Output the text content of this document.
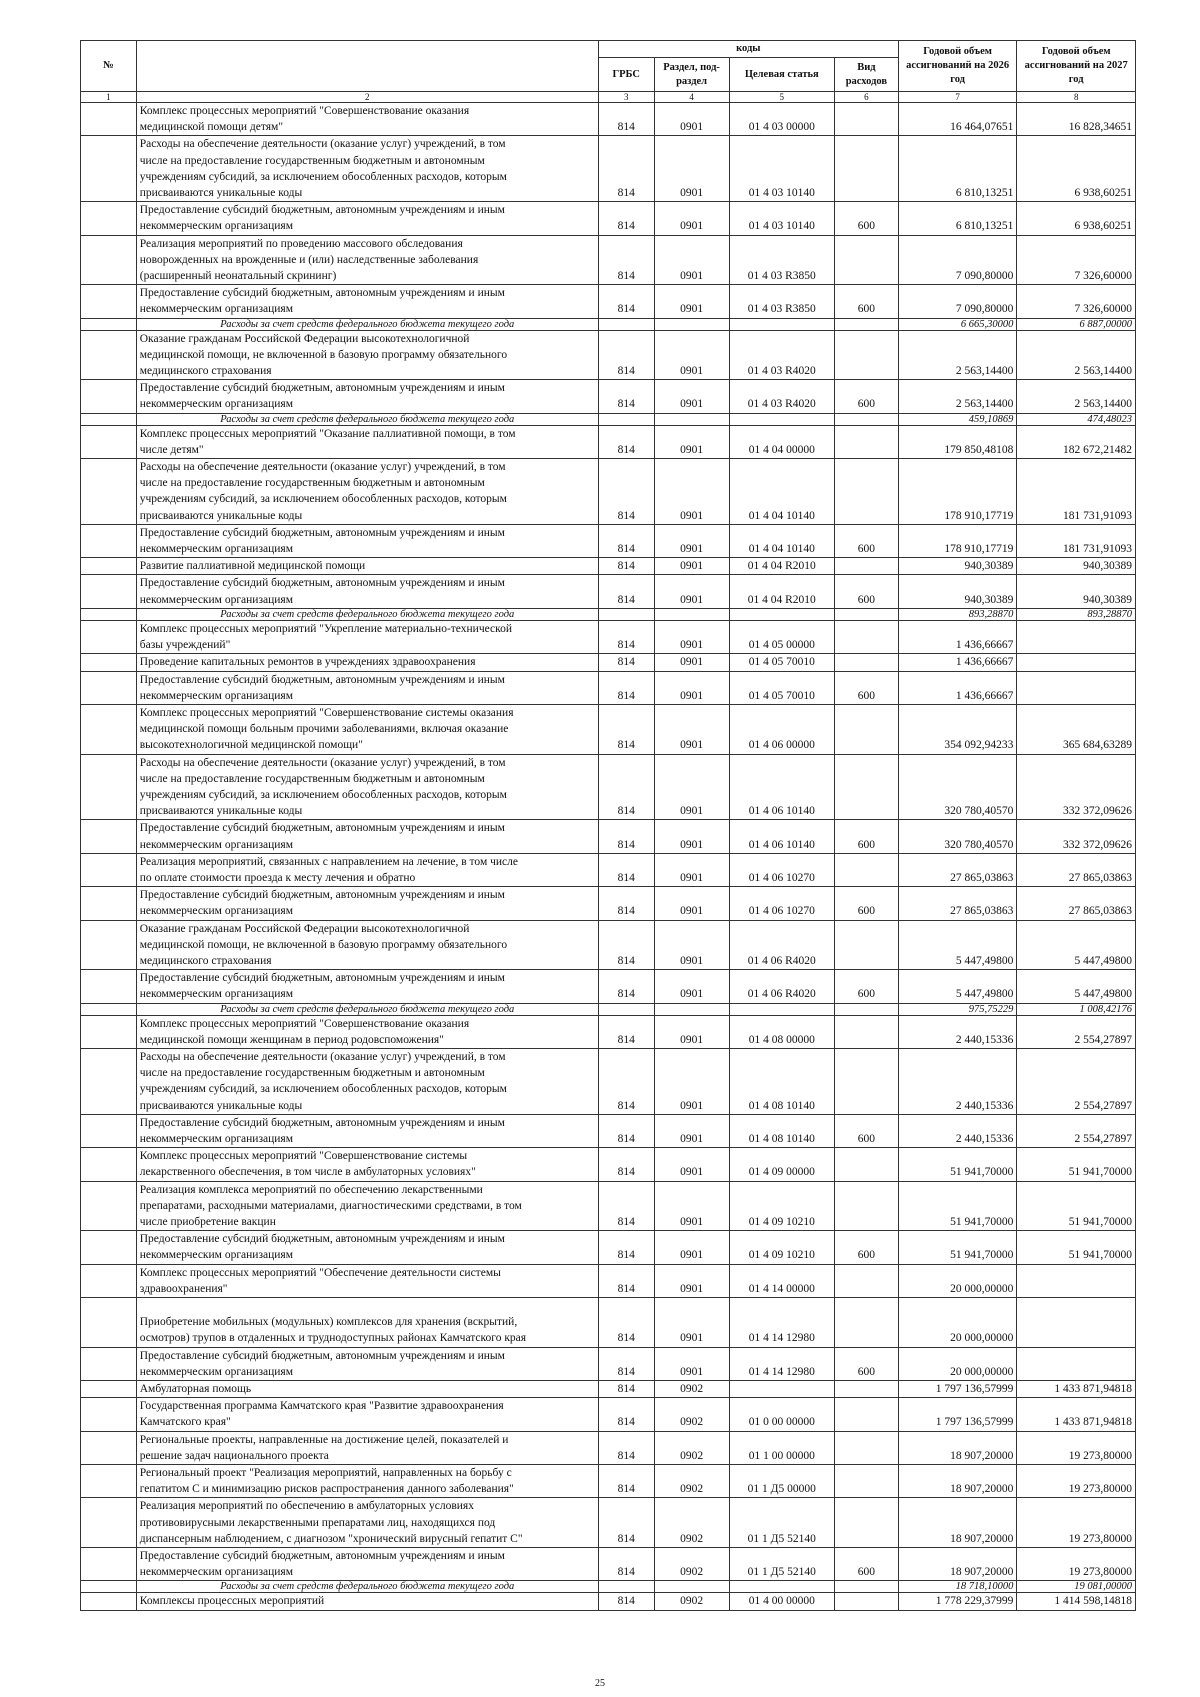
№		коды				Годовой объем ассигнований на 2026 год	Годовой объем ассигнований на 2027 год
		ГРБС	Раздел, под-раздел	Целевая статья	Вид расходов		
1	2	3	4	5	6	7	8
	Комплекс процессных мероприятий "Совершенствование оказания
медицинской помощи детям"	814	0901	01 4 03 00000		16 464,07651	16 828,34651
	Расходы на обеспечение деятельности (оказание услуг) учреждений, в том
числе на предоставление государственным бюджетным и автономным
учреждениям субсидий, за исключением обособленных расходов, которым
присваиваются уникальные коды	814	0901	01 4 03 10140		6 810,13251	6 938,60251
	Предоставление субсидий бюджетным, автономным учреждениям и иным
некоммерческим организациям	814	0901	01 4 03 10140	600	6 810,13251	6 938,60251
	Реализация мероприятий по проведению массового обследования
новорожденных на врожденные и (или) наследственные заболевания
(расширенный неонатальный скрининг)	814	0901	01 4 03 R3850		7 090,80000	7 326,60000
	Предоставление субсидий бюджетным, автономным учреждениям и иным
некоммерческим организациям	814	0901	01 4 03 R3850	600	7 090,80000	7 326,60000
	Расходы за счет средств федерального бюджета текущего года					6 665,30000	6 887,00000
	Оказание гражданам Российской Федерации высокотехнологичной
медицинской помощи, не включенной в базовую программу обязательного
медицинского страхования	814	0901	01 4 03 R4020		2 563,14400	2 563,14400
	Предоставление субсидий бюджетным, автономным учреждениям и иным
некоммерческим организациям	814	0901	01 4 03 R4020	600	2 563,14400	2 563,14400
	Расходы за счет средств федерального бюджета текущего года					459,10869	474,48023
	Комплекс процессных мероприятий "Оказание паллиативной помощи, в том
числе детям"	814	0901	01 4 04 00000		179 850,48108	182 672,21482
	Расходы на обеспечение деятельности (оказание услуг) учреждений, в том
числе на предоставление государственным бюджетным и автономным
учреждениям субсидий, за исключением обособленных расходов, которым
присваиваются уникальные коды	814	0901	01 4 04 10140		178 910,17719	181 731,91093
	Предоставление субсидий бюджетным, автономным учреждениям и иным
некоммерческим организациям	814	0901	01 4 04 10140	600	178 910,17719	181 731,91093
	Развитие паллиативной медицинской помощи	814	0901	01 4 04 R2010		940,30389	940,30389
	Предоставление субсидий бюджетным, автономным учреждениям и иным
некоммерческим организациям	814	0901	01 4 04 R2010	600	940,30389	940,30389
	Расходы за счет средств федерального бюджета текущего года					893,28870	893,28870
	Комплекс процессных мероприятий "Укрепление материально-технической
базы учреждений"	814	0901	01 4 05 00000		1 436,66667	
	Проведение капитальных ремонтов в учреждениях здравоохранения	814	0901	01 4 05 70010		1 436,66667	
	Предоставление субсидий бюджетным, автономным учреждениям и иным
некоммерческим организациям	814	0901	01 4 05 70010	600	1 436,66667	
	Комплекс процессных мероприятий "Совершенствование системы оказания
медицинской помощи больным прочими заболеваниями, включая оказание
высокотехнологичной медицинской помощи"	814	0901	01 4 06 00000		354 092,94233	365 684,63289
	Расходы на обеспечение деятельности (оказание услуг) учреждений, в том
числе на предоставление государственным бюджетным и автономным
учреждениям субсидий, за исключением обособленных расходов, которым
присваиваются уникальные коды	814	0901	01 4 06 10140		320 780,40570	332 372,09626
	Предоставление субсидий бюджетным, автономным учреждениям и иным
некоммерческим организациям	814	0901	01 4 06 10140	600	320 780,40570	332 372,09626
	Реализация мероприятий, связанных с направлением на лечение, в том числе
по оплате стоимости проезда к месту лечения и обратно	814	0901	01 4 06 10270		27 865,03863	27 865,03863
	Предоставление субсидий бюджетным, автономным учреждениям и иным
некоммерческим организациям	814	0901	01 4 06 10270	600	27 865,03863	27 865,03863
	Оказание гражданам Российской Федерации высокотехнологичной
медицинской помощи, не включенной в базовую программу обязательного
медицинского страхования	814	0901	01 4 06 R4020		5 447,49800	5 447,49800
	Предоставление субсидий бюджетным, автономным учреждениям и иным
некоммерческим организациям	814	0901	01 4 06 R4020	600	5 447,49800	5 447,49800
	Расходы за счет средств федерального бюджета текущего года					975,75229	1 008,42176
	Комплекс процессных мероприятий "Совершенствование оказания
медицинской помощи женщинам в период родовспоможения"	814	0901	01 4 08 00000		2 440,15336	2 554,27897
	Расходы на обеспечение деятельности (оказание услуг) учреждений, в том
числе на предоставление государственным бюджетным и автономным
учреждениям субсидий, за исключением обособленных расходов, которым
присваиваются уникальные коды	814	0901	01 4 08 10140		2 440,15336	2 554,27897
	Предоставление субсидий бюджетным, автономным учреждениям и иным
некоммерческим организациям	814	0901	01 4 08 10140	600	2 440,15336	2 554,27897
	Комплекс процессных мероприятий "Совершенствование системы
лекарственного обеспечения, в том числе в амбулаторных условиях"	814	0901	01 4 09 00000		51 941,70000	51 941,70000
	Реализация комплекса мероприятий по обеспечению лекарственными
препаратами, расходными материалами, диагностическими средствами, в том
числе приобретение вакцин	814	0901	01 4 09 10210		51 941,70000	51 941,70000
	Предоставление субсидий бюджетным, автономным учреждениям и иным
некоммерческим организациям	814	0901	01 4 09 10210	600	51 941,70000	51 941,70000
	Комплекс процессных мероприятий "Обеспечение деятельности системы
здравоохранения"	814	0901	01 4 14 00000		20 000,00000	

Приобретение мобильных (модульных) комплексов для хранения (вскрытий,
осмотров) трупов в отдаленных и труднодоступных районах Камчатского края	814	0901	01 4 14 12980		20 000,00000	
	Предоставление субсидий бюджетным, автономным учреждениям и иным
некоммерческим организациям	814	0901	01 4 14 12980	600	20 000,00000	
	Амбулаторная помощь	814	0902			1 797 136,57999	1 433 871,94818
	Государственная программа Камчатского края "Развитие здравоохранения
Камчатского края"	814	0902	01 0 00 00000		1 797 136,57999	1 433 871,94818
	Региональные проекты, направленные на достижение целей, показателей и
решение задач национального проекта	814	0902	01 1 00 00000		18 907,20000	19 273,80000
	Региональный проект "Реализация мероприятий, направленных на борьбу с
гепатитом С и минимизацию рисков распространения данного заболевания"	814	0902	01 1 Д5 00000		18 907,20000	19 273,80000
	Реализация мероприятий по обеспечению в амбулаторных условиях
противовирусными лекарственными препаратами лиц, находящихся под
диспансерным наблюдением, с диагнозом "хронический вирусный гепатит С"	814	0902	01 1 Д5 52140		18 907,20000	19 273,80000
	Предоставление субсидий бюджетным, автономным учреждениям и иным
некоммерческим организациям	814	0902	01 1 Д5 52140	600	18 907,20000	19 273,80000
	Расходы за счет средств федерального бюджета текущего года					18 718,10000	19 081,00000
	Комплексы процессных мероприятий	814	0902	01 4 00 00000		1 778 229,37999	1 414 598,14818
25
